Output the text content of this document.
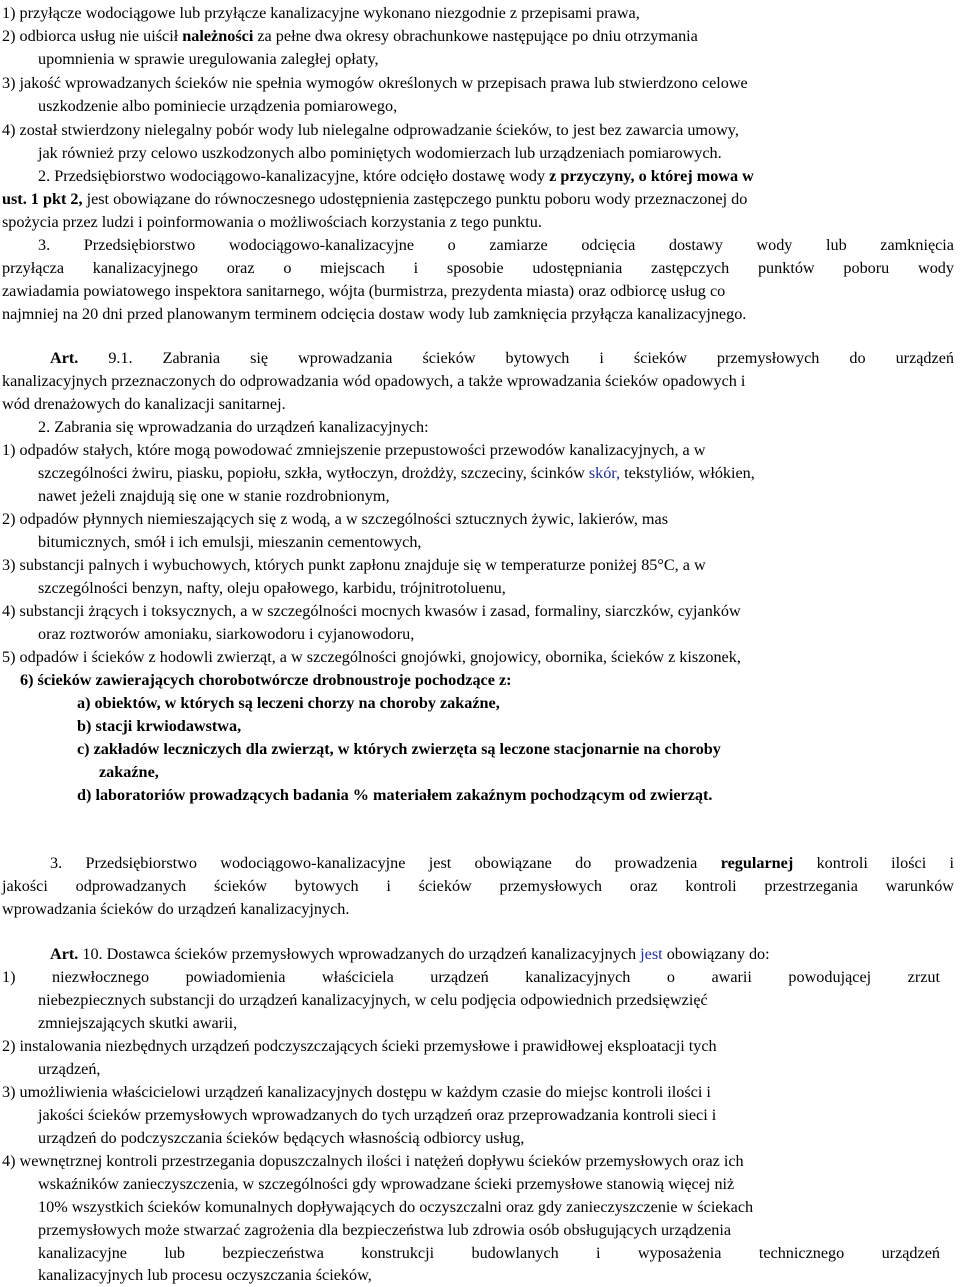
1) przyłącze wodociągowe lub przyłącze kanalizacyjne wykonano niezgodnie z przepisami prawa,
2) odbiorca usług nie uiścił należności za pełne dwa okresy obrachunkowe następujące po dniu otrzymania
upomnienia w sprawie uregulowania zaległej opłaty,
3) jakość wprowadzanych ścieków nie spełnia wymogów określonych w przepisach prawa lub stwierdzono celowe
uszkodzenie albo pominiecie urządzenia pomiarowego,
4) został stwierdzony nielegalny pobór wody lub nielegalne odprowadzanie ścieków, to jest bez zawarcia umowy,
jak również przy celowo uszkodzonych albo pominiętych wodomierzach lub urządzeniach pomiarowych.
2. Przedsiębiorstwo wodociągowo-kanalizacyjne, które odcięło dostawę wody z przyczyny, o której mowa w
ust. 1 pkt 2, jest obowiązane do równoczesnego udostępnienia zastępczego punktu poboru wody przeznaczonej do
spożycia przez ludzi i poinformowania o możliwościach korzystania z tego punktu.
3. Przedsiębiorstwo wodociągowo-kanalizacyjne o zamiarze odcięcia dostawy wody lub zamknięcia
przyłącza kanalizacyjnego oraz o miejscach i sposobie udostępniania zastępczych punktów poboru wody
zawiadamia powiatowego inspektora sanitarnego, wójta (burmistrza, prezydenta miasta) oraz odbiorcę usług co
najmniej na 20 dni przed planowanym terminem odcięcia dostaw wody lub zamknięcia przyłącza kanalizacyjnego.
Art. 9.1. Zabrania się wprowadzania ścieków bytowych i ścieków przemysłowych do urządzeń
kanalizacyjnych przeznaczonych do odprowadzania wód opadowych, a także wprowadzania ścieków opadowych i
wód drenażowych do kanalizacji sanitarnej.
2. Zabrania się wprowadzania do urządzeń kanalizacyjnych:
1) odpadów stałych, które mogą powodować zmniejszenie przepustowości przewodów kanalizacyjnych, a w
szczególności żwiru, piasku, popiołu, szkła, wytłoczyn, drożdży, szczeciny, ścinków skór, tekstyliów, włókien,
nawet jeżeli znajdują się one w stanie rozdrobnionym,
2) odpadów płynnych niemieszających się z wodą, a w szczególności sztucznych żywic, lakierów, mas
bitumicznych, smół i ich emulsji, mieszanin cementowych,
3) substancji palnych i wybuchowych, których punkt zapłonu znajduje się w temperaturze poniżej 85°C, a w
szczególności benzyn, nafty, oleju opałowego, karbidu, trójnitrotoluenu,
4) substancji żrących i toksycznych, a w szczególności mocnych kwasów i zasad, formaliny, siarczków, cyjanków
oraz roztworów amoniaku, siarkowodoru i cyjanowodoru,
5) odpadów i ścieków z hodowli zwierząt, a w szczególności gnojówki, gnojowicy, obornika, ścieków z kiszonek,
6) ścieków zawierających chorobotwórcze drobnoustroje pochodzące z:
a) obiektów, w których są leczeni chorzy na choroby zakaźne,
b) stacji krwiodawstwa,
c) zakładów leczniczych dla zwierząt, w których zwierzęta są leczone stacjonarnie na choroby
zakaźne,
d) laboratoriów prowadzących badania % materiałem zakaźnym pochodzącym od zwierząt.
3. Przedsiębiorstwo wodociągowo-kanalizacyjne jest obowiązane do prowadzenia regularnej kontroli ilości i
jakości odprowadzanych ścieków bytowych i ścieków przemysłowych oraz kontroli przestrzegania warunków
wprowadzania ścieków do urządzeń kanalizacyjnych.
Art. 10. Dostawca ścieków przemysłowych wprowadzanych do urządzeń kanalizacyjnych jest obowiązany do:
1) niezwłocznego powiadomienia właściciela urządzeń kanalizacyjnych o awarii powodującej zrzut
niebezpiecznych substancji do urządzeń kanalizacyjnych, w celu podjęcia odpowiednich przedsięwzięć
zmniejszających skutki awarii,
2) instalowania niezbędnych urządzeń podczyszczających ścieki przemysłowe i prawidłowej eksploatacji tych
urządzeń,
3) umożliwienia właścicielowi urządzeń kanalizacyjnych dostępu w każdym czasie do miejsc kontroli ilości i
jakości ścieków przemysłowych wprowadzanych do tych urządzeń oraz przeprowadzania kontroli sieci i
urządzeń do podczyszczania ścieków będących własnością odbiorcy usług,
4) wewnętrznej kontroli przestrzegania dopuszczalnych ilości i natężeń dopływu ścieków przemysłowych oraz ich
wskaźników zanieczyszczenia, w szczególności gdy wprowadzane ścieki przemysłowe stanowią więcej niż
10% wszystkich ścieków komunalnych dopływających do oczyszczalni oraz gdy zanieczyszczenie w ściekach
przemysłowych może stwarzać zagrożenia dla bezpieczeństwa lub zdrowia osób obsługujących urządzenia
kanalizacyjne lub bezpieczeństwa konstrukcji budowlanych i wyposażenia technicznego urządzeń
kanalizacyjnych lub procesu oczyszczania ścieków,
